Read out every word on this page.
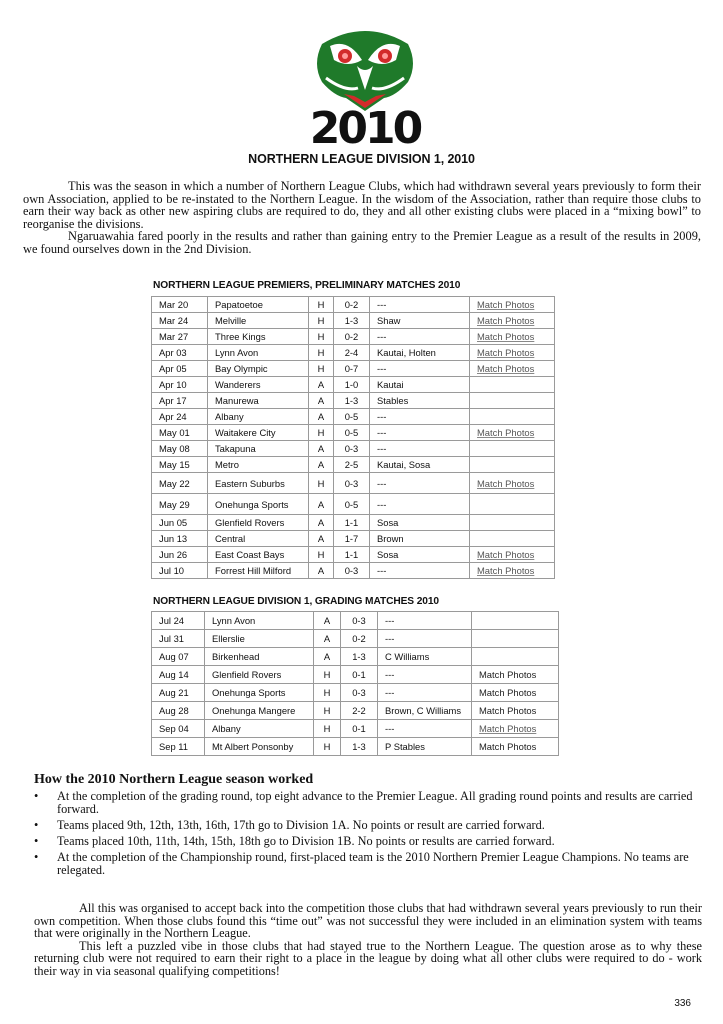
2010
NORTHERN LEAGUE DIVISION 1, 2010

This was the season in which a number of Northern League Clubs, which had withdrawn several years previously to form their own Association, applied to be re-instated to the Northern League. In the wisdom of the Association, rather than require those clubs to earn their way back as other new aspiring clubs are required to do, they and all other existing clubs were placed in a “mixing bowl” to reorganise the divisions.

Ngaruawahia fared poorly in the results and rather than gaining entry to the Premier League as a result of the results in 2009, we found ourselves down in the 2nd Division.

NORTHERN LEAGUE PREMIERS, PRELIMINARY MATCHES 2010
Mar 20	Papatoetoe	H	0-2	---	Match Photos
Mar 24	Melville	H	1-3	Shaw	Match Photos
Mar 27	Three Kings	H	0-2	---	Match Photos
Apr 03	Lynn Avon	H	2-4	Kautai, Holten	Match Photos
Apr 05	Bay Olympic	H	0-7	---	Match Photos
Apr 10	Wanderers	A	1-0	Kautai	
Apr 17	Manurewa	A	1-3	Stables	
Apr 24	Albany	A	0-5	---	
May 01	Waitakere City	H	0-5	---	Match Photos
May 08	Takapuna	A	0-3	---	
May 15	Metro	A	2-5	Kautai, Sosa	
May 22	Eastern Suburbs	H	0-3	---	Match Photos
May 29	Onehunga Sports	A	0-5	---	
Jun 05	Glenfield Rovers	A	1-1	Sosa	
Jun 13	Central	A	1-7	Brown	
Jun 26	East Coast Bays	H	1-1	Sosa	Match Photos
Jul 10	Forrest Hill Milford	A	0-3	---	Match Photos
NORTHERN LEAGUE DIVISION 1, GRADING MATCHES 2010
Jul 24	Lynn Avon	A	0-3	---	
Jul 31	Ellerslie	A	0-2	---	
Aug 07	Birkenhead	A	1-3	C Williams	
Aug 14	Glenfield Rovers	H	0-1	---	Match Photos
Aug 21	Onehunga Sports	H	0-3	---	Match Photos
Aug 28	Onehunga Mangere	H	2-2	Brown, C Williams	Match Photos
Sep 04	Albany	H	0-1	---	Match Photos
Sep 11	Mt Albert Ponsonby	H	1-3	P Stables	Match Photos
How the 2010 Northern League season worked
• At the completion of the grading round, top eight advance to the Premier League. All grading round points and results are carried forward.
• Teams placed 9th, 12th, 13th, 16th, 17th go to Division 1A. No points or result are carried forward.
• Teams placed 10th, 11th, 14th, 15th, 18th go to Division 1B. No points or results are carried forward.
• At the completion of the Championship round, first-placed team is the 2010 Northern Premier League Champions. No teams are relegated.

All this was organised to accept back into the competition those clubs that had withdrawn several years previously to run their own competition. When those clubs found this “time out” was not successful they were included in an elimination system with teams that were originally in the Northern League.

This left a puzzled vibe in those clubs that had stayed true to the Northern League. The question arose as to why these returning club were not required to earn their right to a place in the league by doing what all other clubs were required to do - work their way in via seasonal qualifying competitions!

336
